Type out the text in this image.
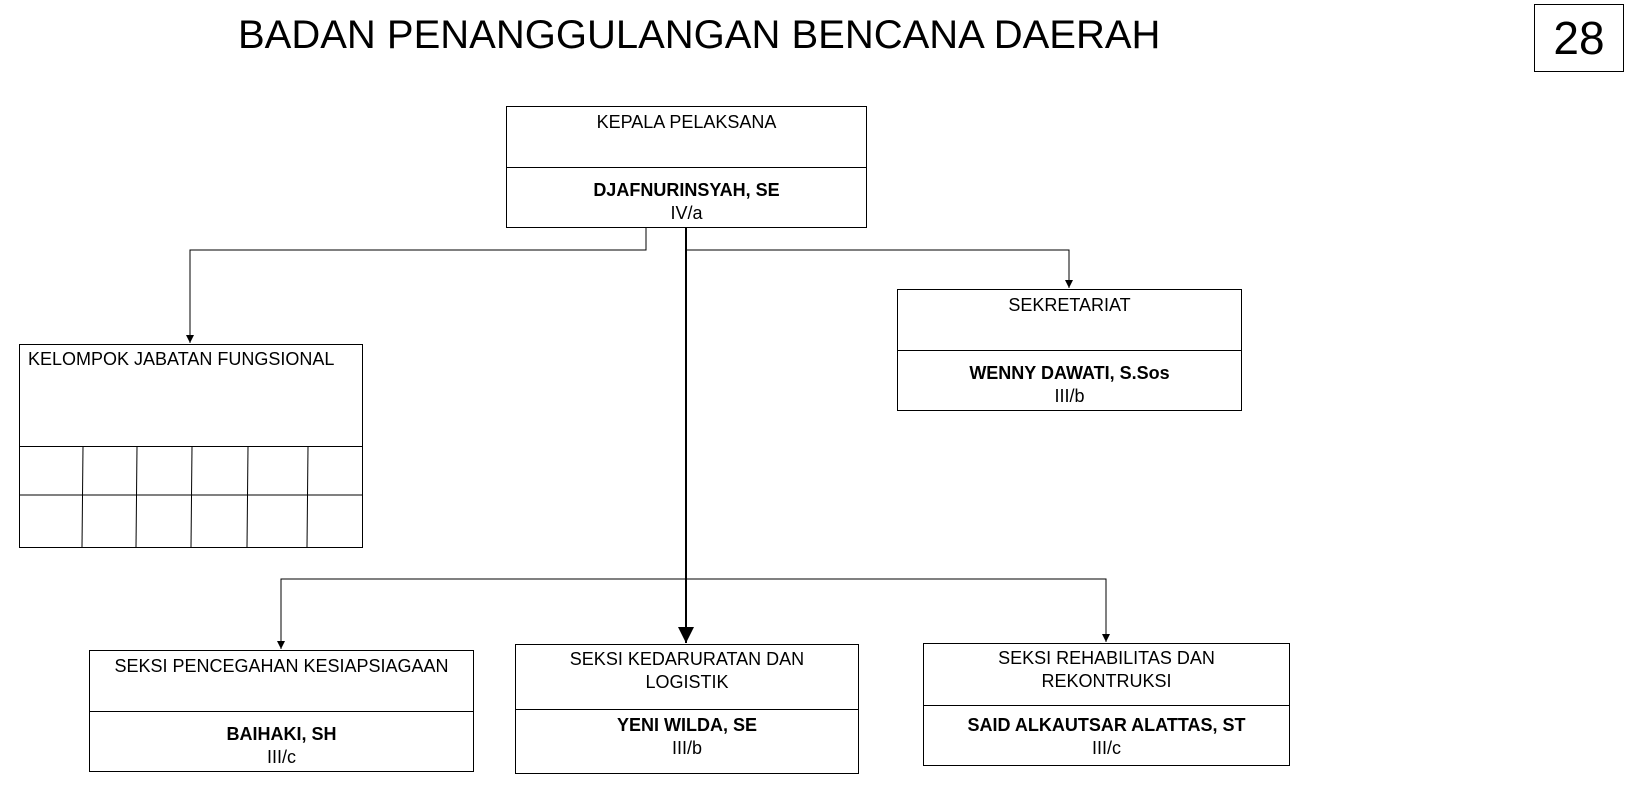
BADAN PENANGGULANGAN BENCANA DAERAH	28
KEPALA PELAKSANA
DJAFNURINSYAH, SE
IV/a
SEKRETARIAT
WENNY DAWATI, S.Sos
III/b
KELOMPOK JABATAN FUNGSIONAL
SEKSI PENCEGAHAN KESIAPSIAGAAN
BAIHAKI, SH
III/c
SEKSI KEDARURATAN DAN
LOGISTIK
YENI WILDA, SE
III/b
SEKSI REHABILITAS DAN
REKONTRUKSI
SAID ALKAUTSAR ALATTAS, ST
III/c
